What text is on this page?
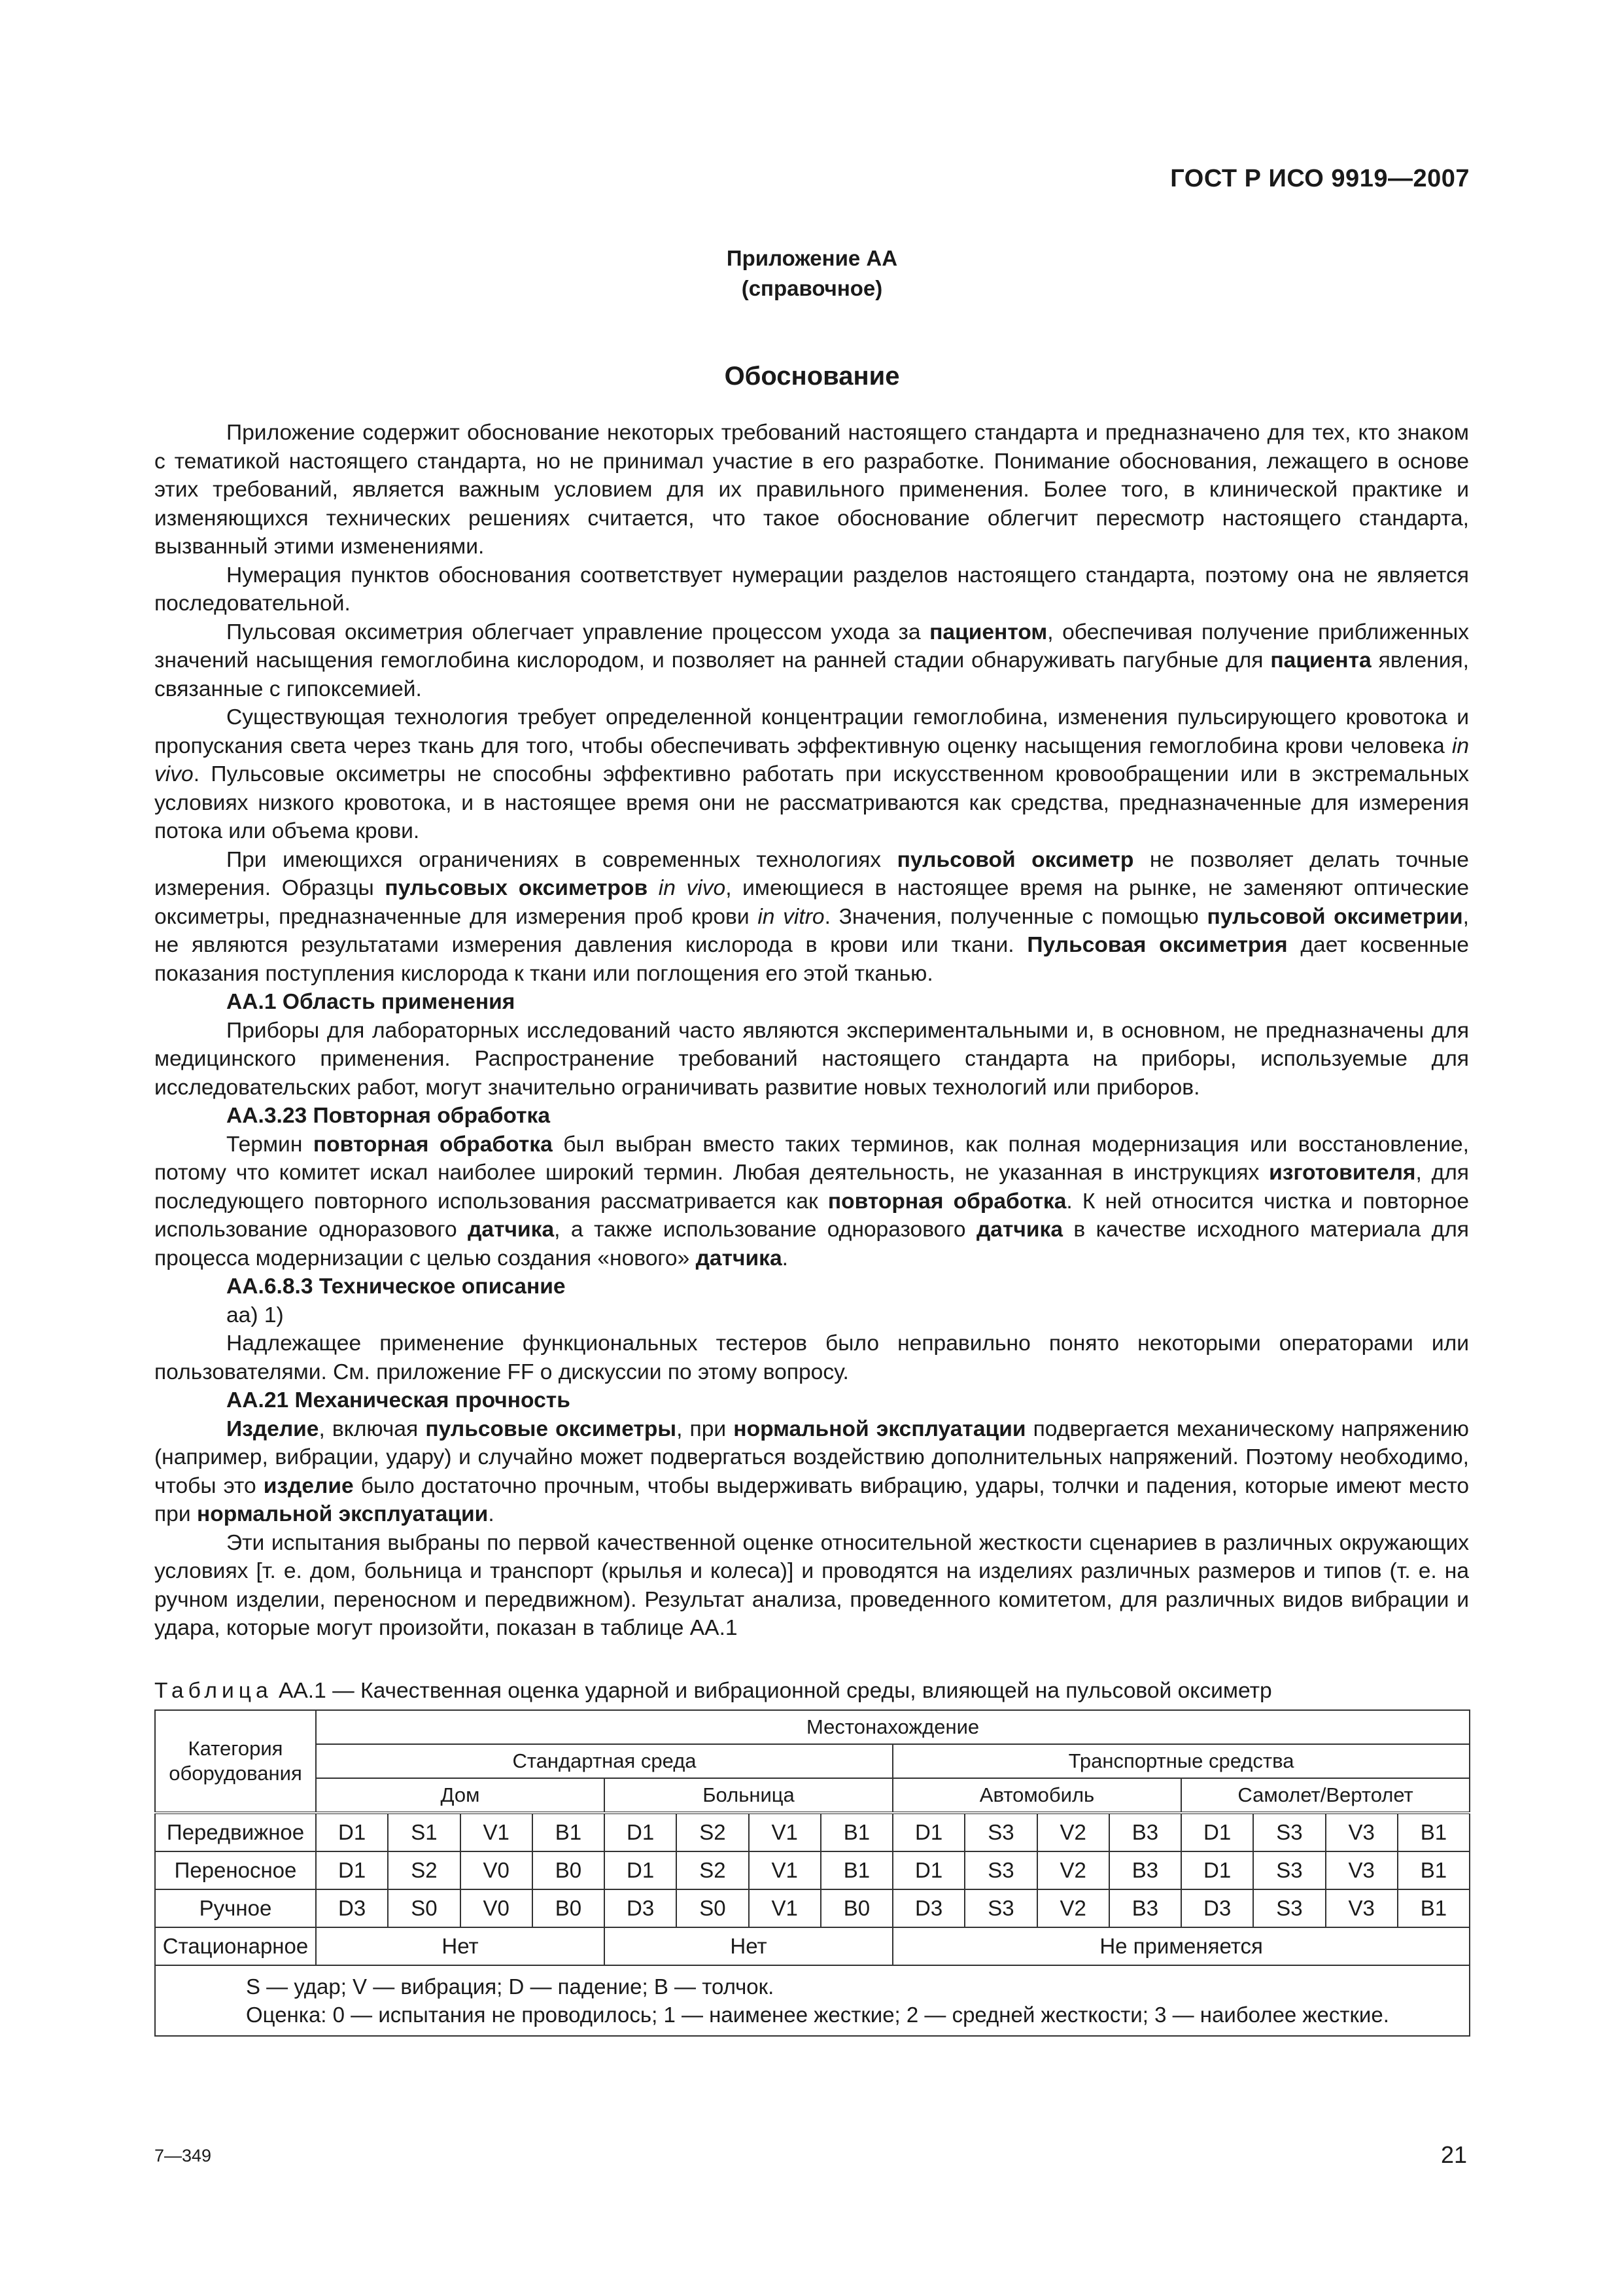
ГОСТ Р ИСО 9919—2007
Приложение АА
(справочное)
Обоснование

Приложение содержит обоснование некоторых требований настоящего стандарта и предназначено для тех, кто знаком с тематикой настоящего стандарта, но не принимал участие в его разработке. Понимание обоснования, лежащего в основе этих требований, является важным условием для их правильного применения. Более того, в клинической практике и изменяющихся технических решениях считается, что такое обоснование облегчит пересмотр настоящего стандарта, вызванный этими изменениями.

Нумерация пунктов обоснования соответствует нумерации разделов настоящего стандарта, поэтому она не является последовательной.

Пульсовая оксиметрия облегчает управление процессом ухода за пациентом, обеспечивая получение приближенных значений насыщения гемоглобина кислородом, и позволяет на ранней стадии обнаруживать пагубные для пациента явления, связанные с гипоксемией.

Существующая технология требует определенной концентрации гемоглобина, изменения пульсирующего кровотока и пропускания света через ткань для того, чтобы обеспечивать эффективную оценку насыщения гемоглобина крови человека in vivo. Пульсовые оксиметры не способны эффективно работать при искусственном кровообращении или в экстремальных условиях низкого кровотока, и в настоящее время они не рассматриваются как средства, предназначенные для измерения потока или объема крови.

При имеющихся ограничениях в современных технологиях пульсовой оксиметр не позволяет делать точные измерения. Образцы пульсовых оксиметров in vivo, имеющиеся в настоящее время на рынке, не заменяют оптические оксиметры, предназначенные для измерения проб крови in vitro. Значения, полученные с помощью пульсовой оксиметрии, не являются результатами измерения давления кислорода в крови или ткани. Пульсовая оксиметрия дает косвенные показания поступления кислорода к ткани или поглощения его этой тканью.

АА.1 Область применения

Приборы для лабораторных исследований часто являются экспериментальными и, в основном, не предназначены для медицинского применения. Распространение требований настоящего стандарта на приборы, используемые для исследовательских работ, могут значительно ограничивать развитие новых технологий или приборов.

АА.3.23 Повторная обработка

Термин повторная обработка был выбран вместо таких терминов, как полная модернизация или восстановление, потому что комитет искал наиболее широкий термин. Любая деятельность, не указанная в инструкциях изготовителя, для последующего повторного использования рассматривается как повторная обработка. К ней относится чистка и повторное использование одноразового датчика, а также использование одноразового датчика в качестве исходного материала для процесса модернизации с целью создания «нового» датчика.

АА.6.8.3 Техническое описание

аа) 1)

Надлежащее применение функциональных тестеров было неправильно понято некоторыми операторами или пользователями. См. приложение FF о дискуссии по этому вопросу.

АА.21 Механическая прочность

Изделие, включая пульсовые оксиметры, при нормальной эксплуатации подвергается механическому напряжению (например, вибрации, удару) и случайно может подвергаться воздействию дополнительных напряжений. Поэтому необходимо, чтобы это изделие было достаточно прочным, чтобы выдерживать вибрацию, удары, толчки и падения, которые имеют место при нормальной эксплуатации.

Эти испытания выбраны по первой качественной оценке относительной жесткости сценариев в различных окружающих условиях [т. е. дом, больница и транспорт (крылья и колеса)] и проводятся на изделиях различных размеров и типов (т. е. на ручном изделии, переносном и передвижном). Результат анализа, проведенного комитетом, для различных видов вибрации и удара, которые могут произойти, показан в таблице АА.1

Таблица АА.1 — Качественная оценка ударной и вибрационной среды, влияющей на пульсовой оксиметр
Категория оборудования	Местонахождение															
	Стандартная среда								Транспортные средства							
	Дом				Больница				Автомобиль				Самолет/Вертолет			
Передвижное	D1	S1	V1	B1	D1	S2	V1	B1	D1	S3	V2	B3	D1	S3	V3	B1
Переносное	D1	S2	V0	B0	D1	S2	V1	B1	D1	S3	V2	B3	D1	S3	V3	B1
Ручное	D3	S0	V0	B0	D3	S0	V1	B0	D3	S3	V2	B3	D3	S3	V3	B1
Стационарное	Нет				Нет				Не применяется							

S — удар; V — вибрация; D — падение; B — толчок.

Оценка: 0 — испытания не проводилось; 1 — наименее жесткие; 2 — средней жесткости; 3 — наиболее жесткие.																

7—349	21
